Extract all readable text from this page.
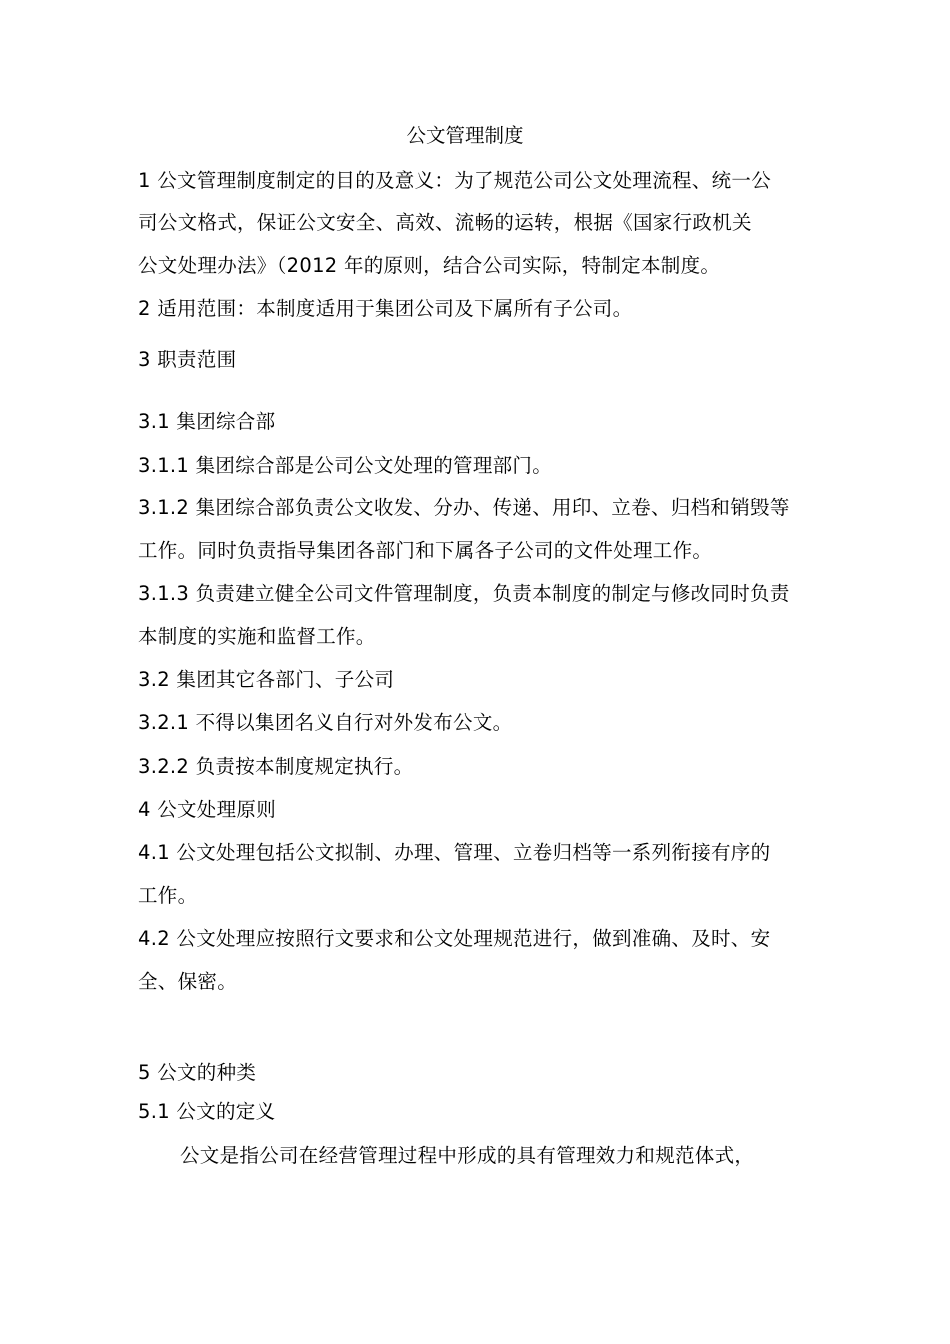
公文管理制度
1 公文管理制度制定的目的及意义：为了规范公司公文处理流程、统一公
司公文格式，保证公文安全、高效、流畅的运转，根据《国家行政机关
公文处理办法》（2012 年的原则，结合公司实际，特制定本制度。
2 适用范围：本制度适用于集团公司及下属所有子公司。
3 职责范围
3.1 集团综合部
3.1.1 集团综合部是公司公文处理的管理部门。
3.1.2 集团综合部负责公文收发、分办、传递、用印、立卷、归档和销毁等
工作。同时负责指导集团各部门和下属各子公司的文件处理工作。
3.1.3 负责建立健全公司文件管理制度，负责本制度的制定与修改同时负责
本制度的实施和监督工作。
3.2 集团其它各部门、子公司
3.2.1 不得以集团名义自行对外发布公文。
3.2.2 负责按本制度规定执行。
4 公文处理原则
4.1 公文处理包括公文拟制、办理、管理、立卷归档等一系列衔接有序的
工作。
4.2 公文处理应按照行文要求和公文处理规范进行，做到准确、及时、安
全、保密。
5 公文的种类
5.1 公文的定义
公文是指公司在经营管理过程中形成的具有管理效力和规范体式，
